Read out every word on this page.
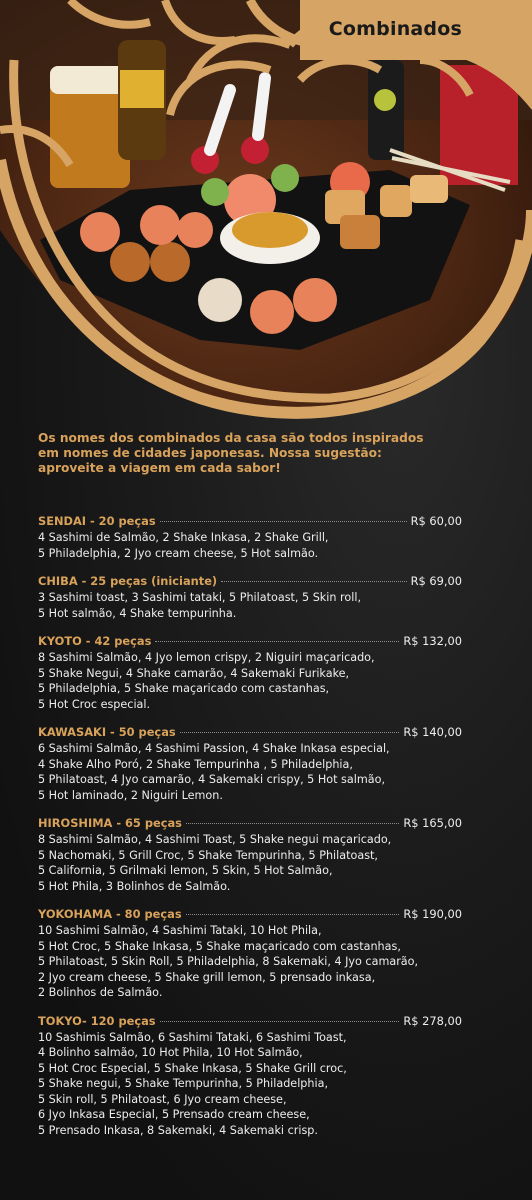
Combinados
Os nomes dos combinados da casa são todos inspirados em nomes de cidades japonesas. Nossa sugestão: aproveite a viagem em cada sabor!
SENDAI - 20 peças	R$ 60,00
4 Sashimi de Salmão, 2 Shake Inkasa, 2 Shake Grill,
5 Philadelphia, 2 Jyo cream cheese, 5 Hot salmão.
CHIBA - 25 peças (iniciante)	R$ 69,00
3 Sashimi toast, 3 Sashimi tataki, 5 Philatoast, 5 Skin roll,
5 Hot salmão, 4 Shake tempurinha.
KYOTO - 42 peças	R$ 132,00
8 Sashimi Salmão, 4 Jyo lemon crispy, 2 Niguiri maçaricado,
5 Shake Negui, 4 Shake camarão, 4 Sakemaki Furikake,
5 Philadelphia, 5 Shake maçaricado com castanhas,
5 Hot Croc especial.
KAWASAKI - 50 peças	R$ 140,00
6 Sashimi Salmão, 4 Sashimi Passion, 4 Shake Inkasa especial,
4 Shake Alho Poró, 2 Shake Tempurinha , 5 Philadelphia,
5 Philatoast, 4 Jyo camarão, 4 Sakemaki crispy, 5 Hot salmão,
5 Hot laminado, 2 Niguiri Lemon.
HIROSHIMA - 65 peças	R$ 165,00
8 Sashimi Salmão, 4 Sashimi Toast, 5 Shake negui maçaricado,
5 Nachomaki, 5 Grill Croc, 5 Shake Tempurinha, 5 Philatoast,
5 California, 5 Grilmaki lemon, 5 Skin, 5 Hot Salmão,
5 Hot Phila, 3 Bolinhos de Salmão.
YOKOHAMA - 80 peças	R$ 190,00
10 Sashimi Salmão, 4 Sashimi Tataki, 10 Hot Phila,
5 Hot Croc, 5 Shake Inkasa, 5 Shake maçaricado com castanhas,
5 Philatoast, 5 Skin Roll, 5 Philadelphia, 8 Sakemaki, 4 Jyo camarão,
2 Jyo cream cheese, 5 Shake grill lemon, 5 prensado inkasa,
2 Bolinhos de Salmão.
TOKYO- 120 peças	R$ 278,00
10 Sashimis Salmão, 6 Sashimi Tataki, 6 Sashimi Toast,
4 Bolinho salmão, 10 Hot Phila, 10 Hot Salmão,
5 Hot Croc Especial, 5 Shake Inkasa, 5 Shake Grill croc,
5 Shake negui, 5 Shake Tempurinha, 5 Philadelphia,
5 Skin roll, 5 Philatoast, 6 Jyo cream cheese,
6 Jyo Inkasa Especial, 5 Prensado cream cheese,
5 Prensado Inkasa, 8 Sakemaki, 4 Sakemaki crisp.
